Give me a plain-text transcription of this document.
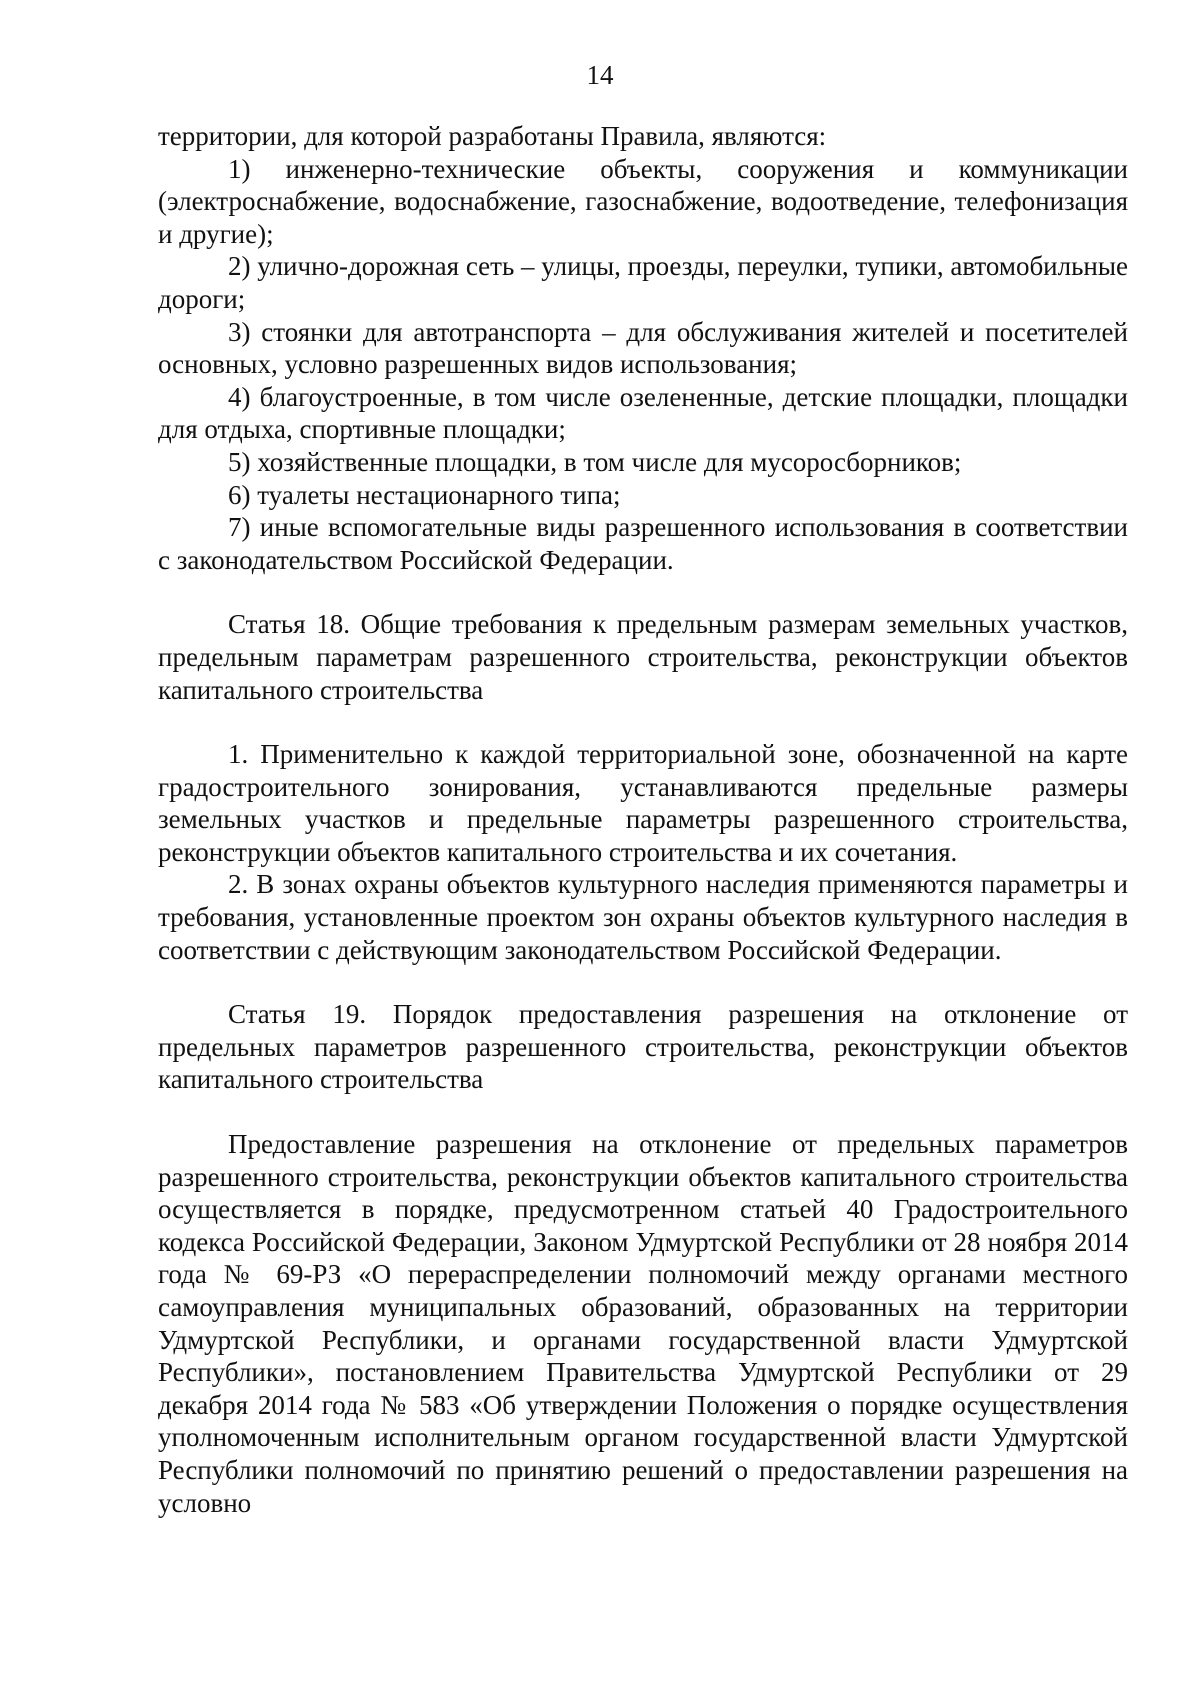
14

территории, для которой разработаны Правила, являются:

1) инженерно-технические объекты, сооружения и коммуникации (электроснабжение, водоснабжение, газоснабжение, водоотведение, телефонизация и другие);

2) улично-дорожная сеть – улицы, проезды, переулки, тупики, автомобильные дороги;

3) стоянки для автотранспорта – для обслуживания жителей и посетителей основных, условно разрешенных видов использования;

4) благоустроенные, в том числе озелененные, детские площадки, площадки для отдыха, спортивные площадки;

5) хозяйственные площадки, в том числе для мусоросборников;

6) туалеты нестационарного типа;

7) иные вспомогательные виды разрешенного использования в соответствии с законодательством Российской Федерации.

Статья 18. Общие требования к предельным размерам земельных участков, предельным параметрам разрешенного строительства, реконструкции объектов капитального строительства

1. Применительно к каждой территориальной зоне, обозначенной на карте градостроительного зонирования, устанавливаются предельные размеры земельных участков и предельные параметры разрешенного строительства, реконструкции объектов капитального строительства и их сочетания.

2. В зонах охраны объектов культурного наследия применяются параметры и требования, установленные проектом зон охраны объектов культурного наследия в соответствии с действующим законодательством Российской Федерации.

Статья 19. Порядок предоставления разрешения на отклонение от предельных параметров разрешенного строительства, реконструкции объектов капитального строительства

Предоставление разрешения на отклонение от предельных параметров разрешенного строительства, реконструкции объектов капитального строительства осуществляется в порядке, предусмотренном статьей 40 Градостроительного кодекса Российской Федерации, Законом Удмуртской Республики от 28 ноября 2014 года № 69-РЗ «О перераспределении полномочий между органами местного самоуправления муниципальных образований, образованных на территории Удмуртской Республики, и органами государственной власти Удмуртской Республики», постановлением Правительства Удмуртской Республики от 29 декабря 2014 года № 583 «Об утверждении Положения о порядке осуществления уполномоченным исполнительным органом государственной власти Удмуртской Республики полномочий по принятию решений о предоставлении разрешения на условно
